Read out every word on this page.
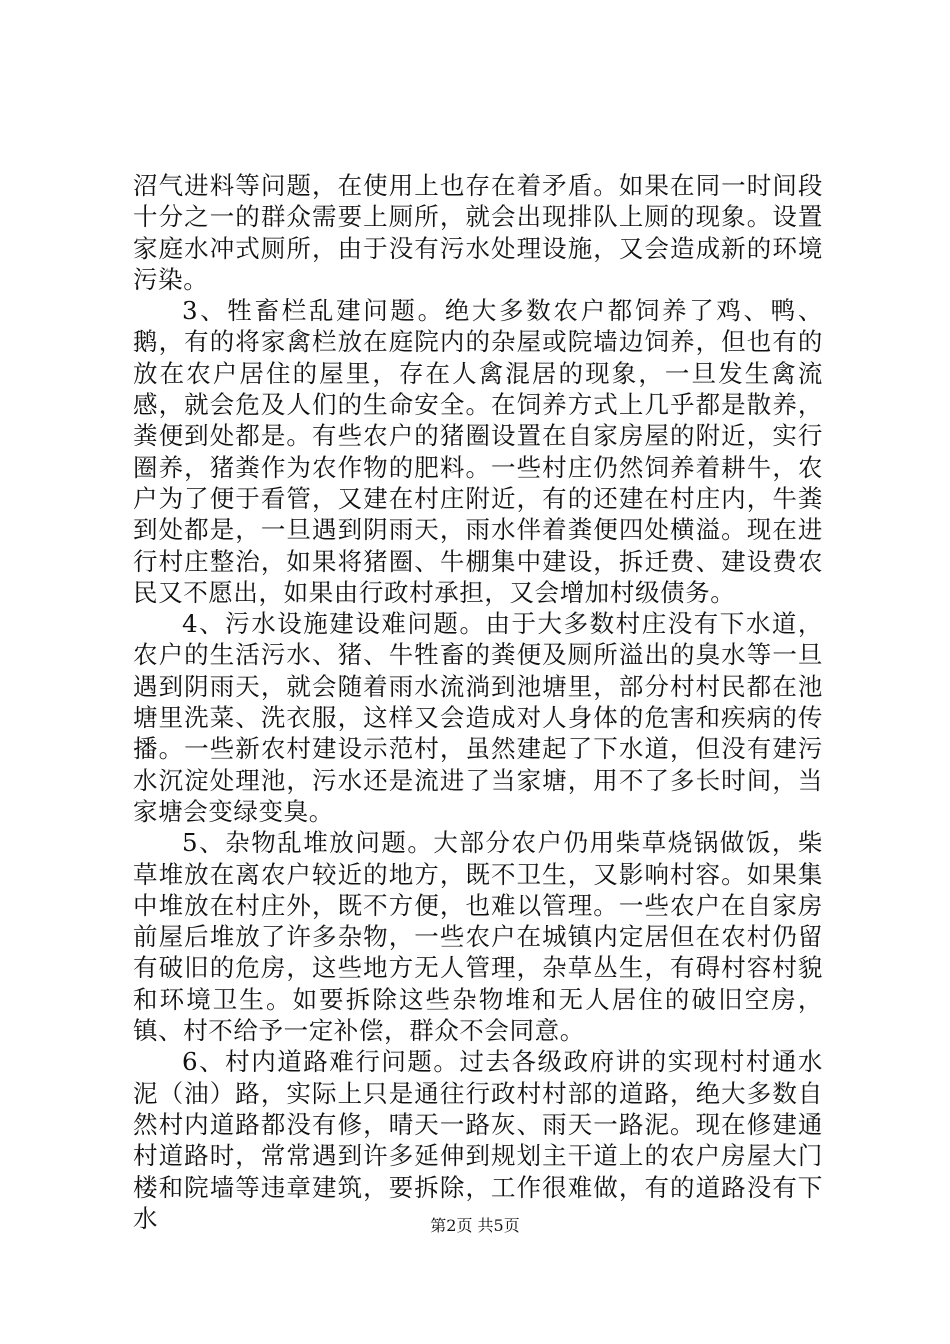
沼气进料等问题，在使用上也存在着矛盾。如果在同一时间段十分之一的群众需要上厕所，就会出现排队上厕的现象。设置家庭水冲式厕所，由于没有污水处理设施，又会造成新的环境污染。

3、牲畜栏乱建问题。绝大多数农户都饲养了鸡、鸭、鹅，有的将家禽栏放在庭院内的杂屋或院墙边饲养，但也有的放在农户居住的屋里，存在人禽混居的现象，一旦发生禽流感，就会危及人们的生命安全。在饲养方式上几乎都是散养，粪便到处都是。有些农户的猪圈设置在自家房屋的附近，实行圈养，猪粪作为农作物的肥料。一些村庄仍然饲养着耕牛，农户为了便于看管，又建在村庄附近，有的还建在村庄内，牛粪到处都是，一旦遇到阴雨天，雨水伴着粪便四处横溢。现在进行村庄整治，如果将猪圈、牛棚集中建设，拆迁费、建设费农民又不愿出，如果由行政村承担，又会增加村级债务。

4、污水设施建设难问题。由于大多数村庄没有下水道，农户的生活污水、猪、牛牲畜的粪便及厕所溢出的臭水等一旦遇到阴雨天，就会随着雨水流淌到池塘里，部分村村民都在池塘里洗菜、洗衣服，这样又会造成对人身体的危害和疾病的传播。一些新农村建设示范村，虽然建起了下水道，但没有建污水沉淀处理池，污水还是流进了当家塘，用不了多长时间，当家塘会变绿变臭。

5、杂物乱堆放问题。大部分农户仍用柴草烧锅做饭，柴草堆放在离农户较近的地方，既不卫生，又影响村容。如果集中堆放在村庄外，既不方便，也难以管理。一些农户在自家房前屋后堆放了许多杂物，一些农户在城镇内定居但在农村仍留有破旧的危房，这些地方无人管理，杂草丛生，有碍村容村貌和环境卫生。如要拆除这些杂物堆和无人居住的破旧空房，镇、村不给予一定补偿，群众不会同意。

6、村内道路难行问题。过去各级政府讲的实现村村通水泥（油）路，实际上只是通往行政村村部的道路，绝大多数自然村内道路都没有修，晴天一路灰、雨天一路泥。现在修建通村道路时，常常遇到许多延伸到规划主干道上的农户房屋大门楼和院墙等违章建筑，要拆除，工作很难做，有的道路没有下水	第2页 共5页
